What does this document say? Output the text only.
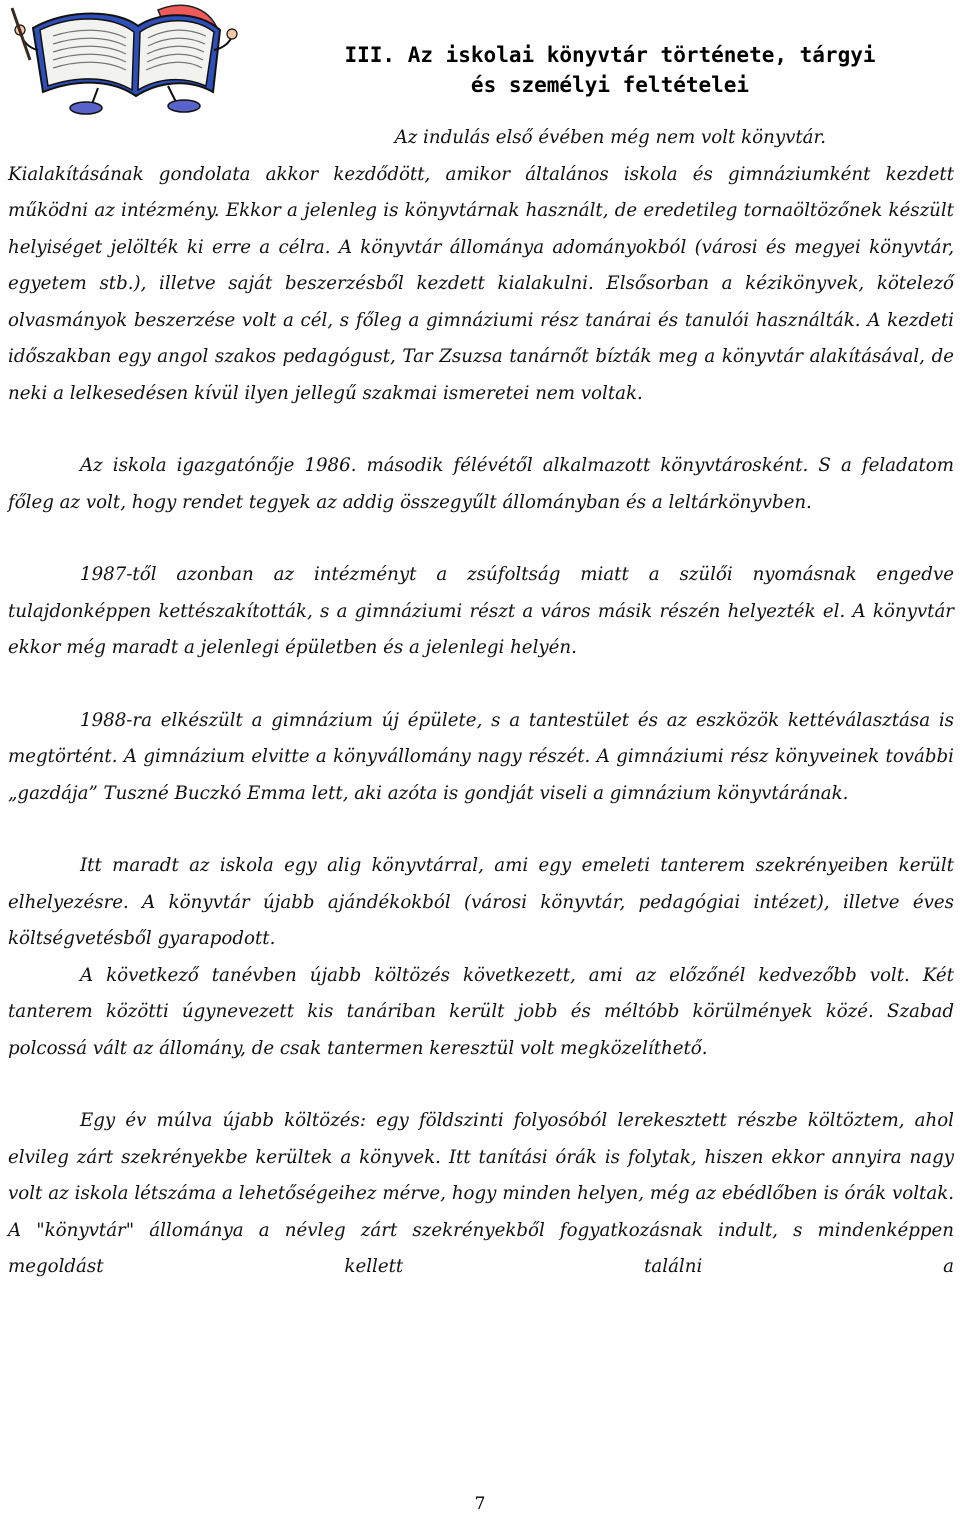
III. Az iskolai könyvtár története, tárgyi
és személyi feltételei

Az indulás első évében még nem volt könyvtár.
Kialakításának gondolata akkor kezdődött, amikor általános iskola és gimnáziumként kezdett működni az intézmény. Ekkor a jelenleg is könyvtárnak használt, de eredetileg tornaöltözőnek készült helyiséget jelölték ki erre a célra. A könyvtár állománya adományokból (városi és megyei könyvtár, egyetem stb.), illetve saját beszerzésből kezdett kialakulni. Elsősorban a kézikönyvek, kötelező olvasmányok beszerzése volt a cél, s főleg a gimnáziumi rész tanárai és tanulói használták. A kezdeti időszakban egy angol szakos pedagógust, Tar Zsuzsa tanárnőt bízták meg a könyvtár alakításával, de neki a lelkesedésen kívül ilyen jellegű szakmai ismeretei nem voltak.

Az iskola igazgatónője 1986. második félévétől alkalmazott könyvtárosként. S a feladatom főleg az volt, hogy rendet tegyek az addig összegyűlt állományban és a leltárkönyvben.

1987-től azonban az intézményt a zsúfoltság miatt a szülői nyomásnak engedve tulajdonképpen kettészakították, s a gimnáziumi részt a város másik részén helyezték el. A könyvtár ekkor még maradt a jelenlegi épületben és a jelenlegi helyén.

1988-ra elkészült a gimnázium új épülete, s a tantestület és az eszközök kettéválasztása is megtörtént. A gimnázium elvitte a könyvállomány nagy részét. A gimnáziumi rész könyveinek további „gazdája” Tuszné Buczkó Emma lett, aki azóta is gondját viseli a gimnázium könyvtárának.

Itt maradt az iskola egy alig könyvtárral, ami egy emeleti tanterem szekrényeiben került elhelyezésre. A könyvtár újabb ajándékokból (városi könyvtár, pedagógiai intézet), illetve éves költségvetésből gyarapodott.

A következő tanévben újabb költözés következett, ami az előzőnél kedvezőbb volt. Két tanterem közötti úgynevezett kis tanáriban került jobb és méltóbb körülmények közé. Szabad polcossá vált az állomány, de csak tantermen keresztül volt megközelíthető.

Egy év múlva újabb költözés: egy földszinti folyosóból lerekesztett részbe költöztem, ahol elvileg zárt szekrényekbe kerültek a könyvek. Itt tanítási órák is folytak, hiszen ekkor annyira nagy volt az iskola létszáma a lehetőségeihez mérve, hogy minden helyen, még az ebédlőben is órák voltak. A "könyvtár" állománya a névleg zárt szekrényekből fogyatkozásnak indult, s mindenképpen megoldást kellett találni a

7
